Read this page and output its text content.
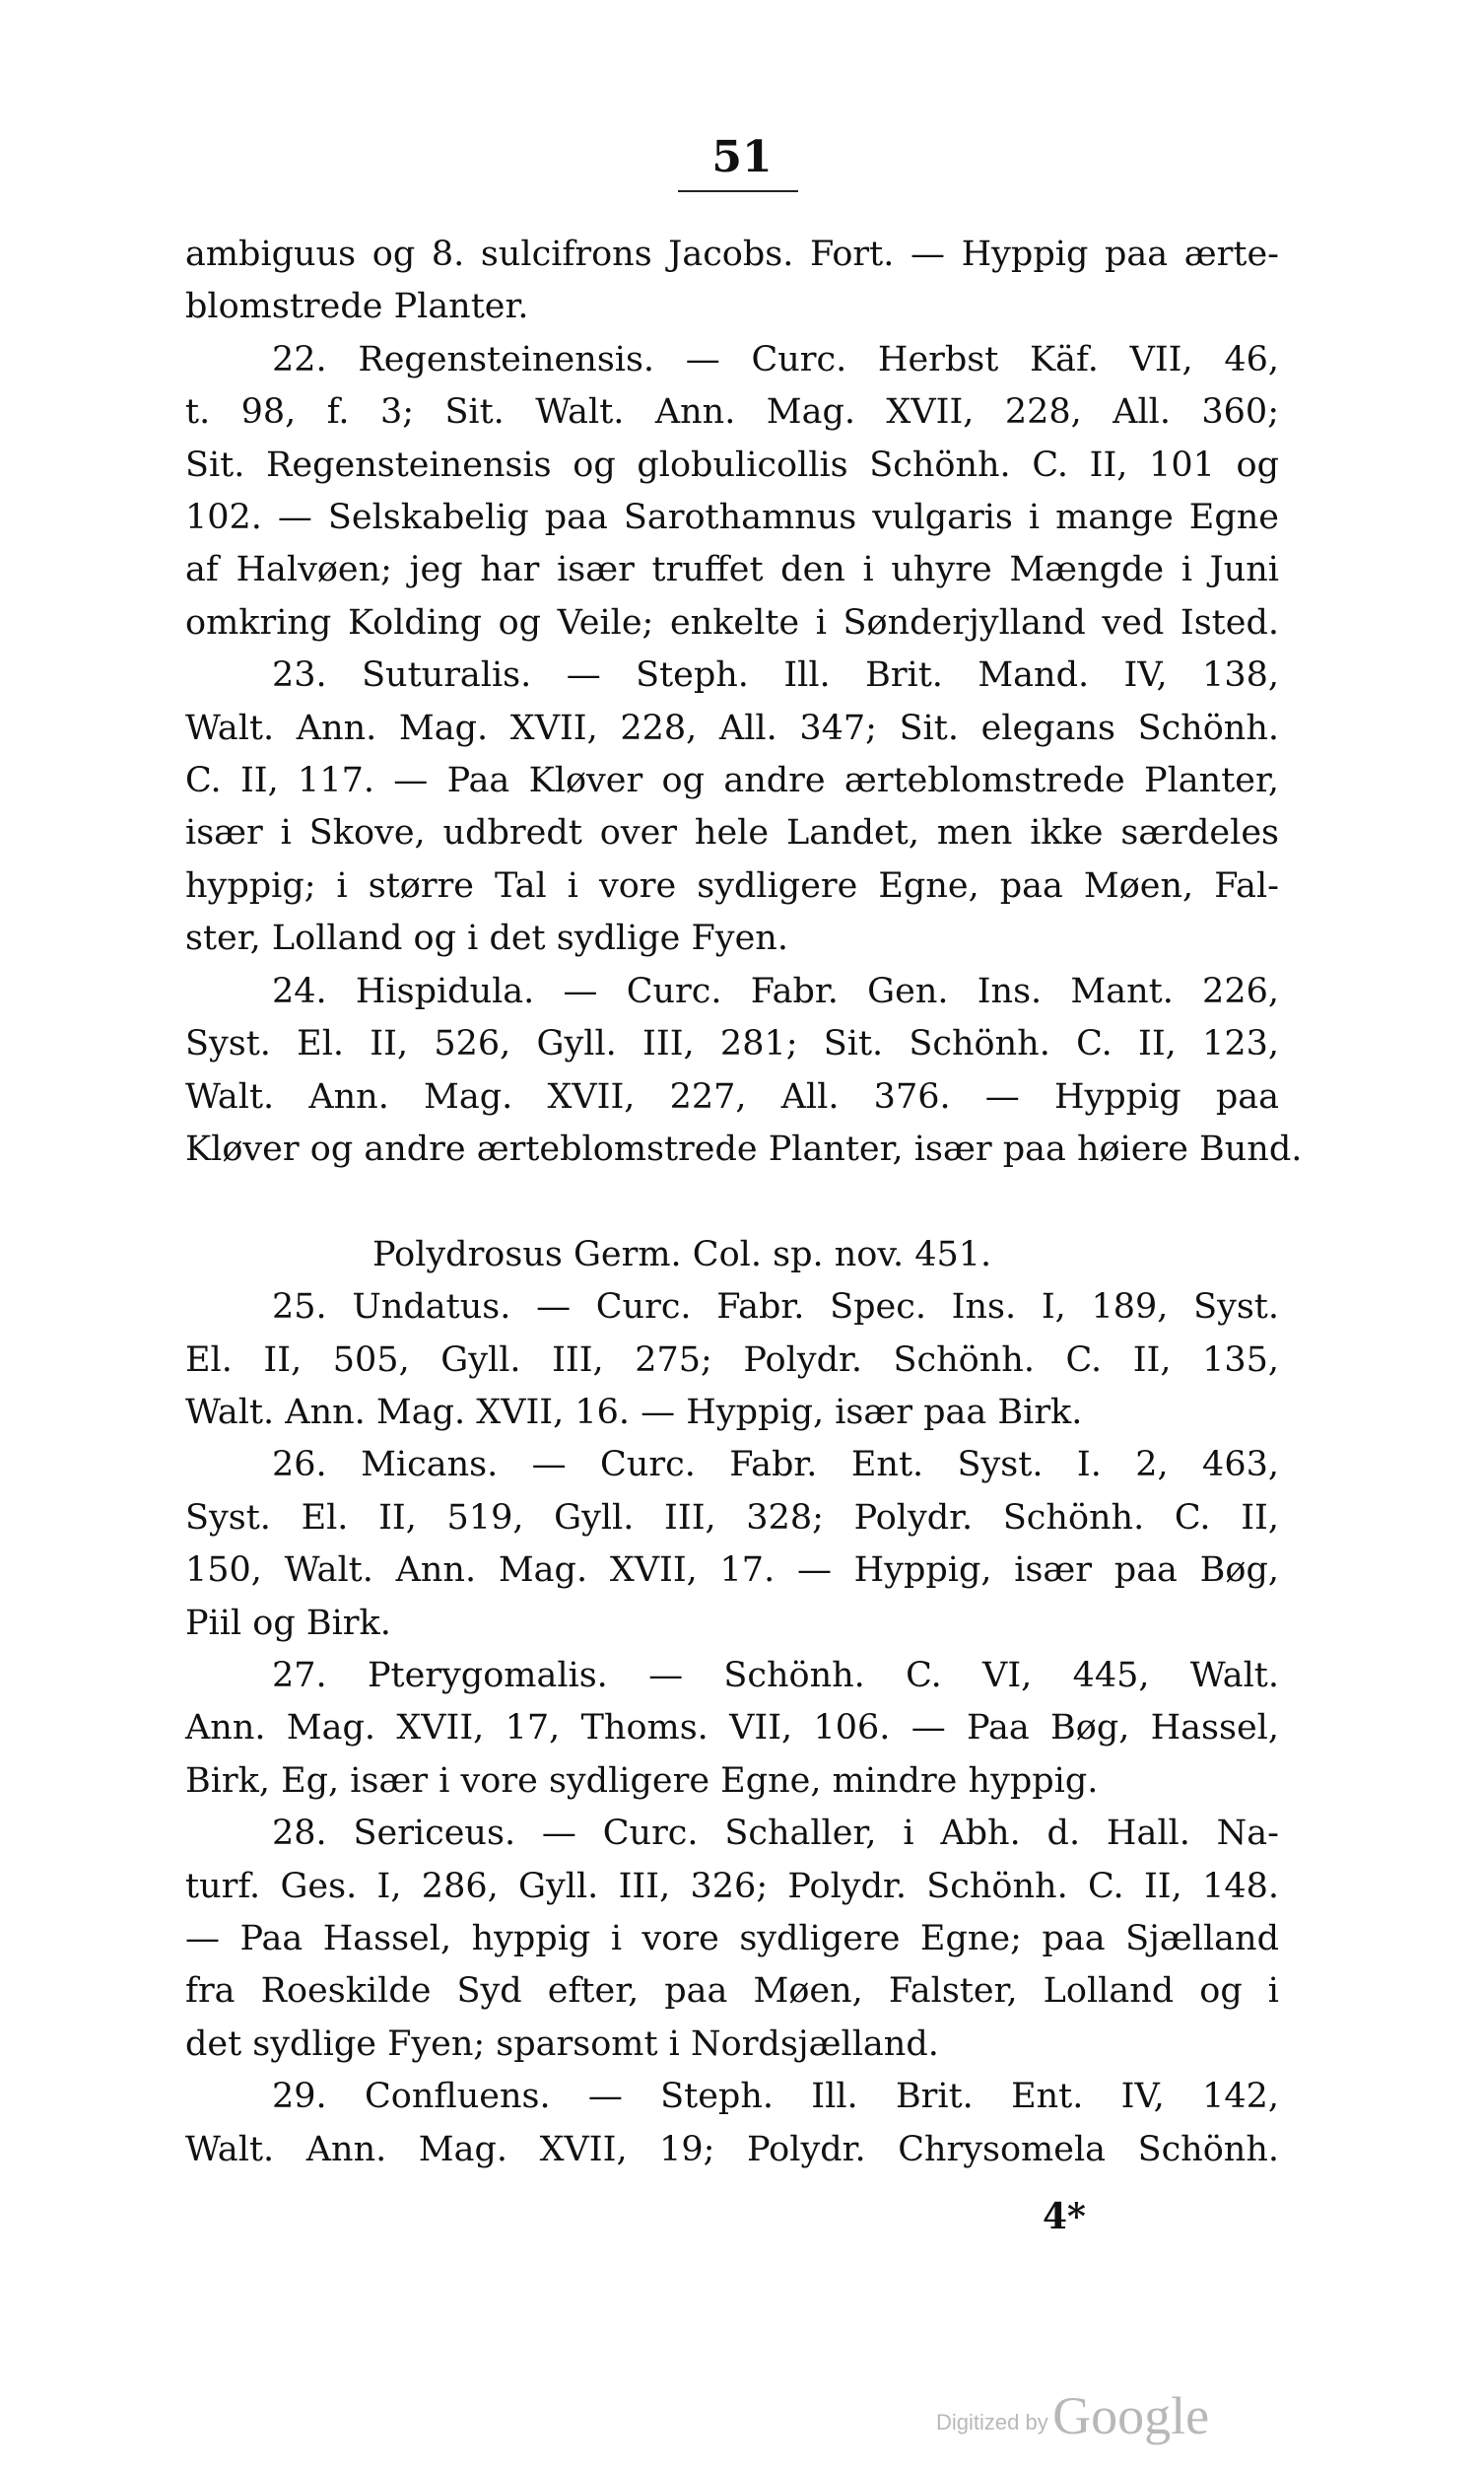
51

ambiguus og 8. sulcifrons Jacobs. Fort. — Hyppig paa ærte-

blomstrede Planter.

22. Regensteinensis. — Curc. Herbst Käf. VII, 46,

t. 98, f. 3; Sit. Walt. Ann. Mag. XVII, 228, All. 360;

Sit. Regensteinensis og globulicollis Schönh. C. II, 101 og

102. — Selskabelig paa Sarothamnus vulgaris i mange Egne

af Halvøen; jeg har især truffet den i uhyre Mængde i Juni

omkring Kolding og Veile; enkelte i Sønderjylland ved Isted.

23. Suturalis. — Steph. Ill. Brit. Mand. IV, 138,

Walt. Ann. Mag. XVII, 228, All. 347; Sit. elegans Schönh.

C. II, 117. — Paa Kløver og andre ærteblomstrede Planter,

især i Skove, udbredt over hele Landet, men ikke særdeles

hyppig; i større Tal i vore sydligere Egne, paa Møen, Fal-

ster, Lolland og i det sydlige Fyen.

24. Hispidula. — Curc. Fabr. Gen. Ins. Mant. 226,

Syst. El. II, 526, Gyll. III, 281; Sit. Schönh. C. II, 123,

Walt. Ann. Mag. XVII, 227, All. 376. — Hyppig paa

Kløver og andre ærteblomstrede Planter, især paa høiere Bund.

Polydrosus Germ. Col. sp. nov. 451.

25. Undatus. — Curc. Fabr. Spec. Ins. I, 189, Syst.

El. II, 505, Gyll. III, 275; Polydr. Schönh. C. II, 135,

Walt. Ann. Mag. XVII, 16. — Hyppig, især paa Birk.

26. Micans. — Curc. Fabr. Ent. Syst. I. 2, 463,

Syst. El. II, 519, Gyll. III, 328; Polydr. Schönh. C. II,

150, Walt. Ann. Mag. XVII, 17. — Hyppig, især paa Bøg,

Piil og Birk.

27. Pterygomalis. — Schönh. C. VI, 445, Walt.

Ann. Mag. XVII, 17, Thoms. VII, 106. — Paa Bøg, Hassel,

Birk, Eg, især i vore sydligere Egne, mindre hyppig.

28. Sericeus. — Curc. Schaller, i Abh. d. Hall. Na-

turf. Ges. I, 286, Gyll. III, 326; Polydr. Schönh. C. II, 148.

— Paa Hassel, hyppig i vore sydligere Egne; paa Sjælland

fra Roeskilde Syd efter, paa Møen, Falster, Lolland og i

det sydlige Fyen; sparsomt i Nordsjælland.

29. Confluens. — Steph. Ill. Brit. Ent. IV, 142,

Walt. Ann. Mag. XVII, 19; Polydr. Chrysomela Schönh.

4*
Digitized by Google
